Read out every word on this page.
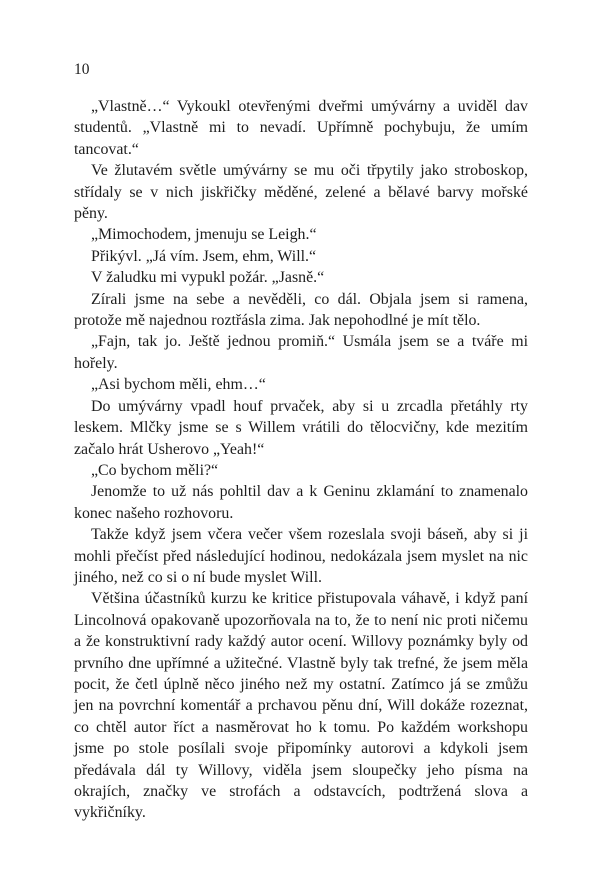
10

„Vlastně…“ Vykoukl otevřenými dveřmi umývárny a uviděl dav studentů. „Vlastně mi to nevadí. Upřímně pochybuju, že umím tancovat.“

Ve žlutavém světle umývárny se mu oči třpytily jako stroboskop, střídaly se v nich jiskřičky měděné, zelené a bělavé barvy mořské pěny.

„Mimochodem, jmenuju se Leigh.“

Přikývl. „Já vím. Jsem, ehm, Will.“

V žaludku mi vypukl požár. „Jasně.“

Zírali jsme na sebe a nevěděli, co dál. Objala jsem si ramena, protože mě najednou roztřásla zima. Jak nepohodlné je mít tělo.

„Fajn, tak jo. Ještě jednou promiň.“ Usmála jsem se a tváře mi hořely.

„Asi bychom měli, ehm…“

Do umývárny vpadl houf prvaček, aby si u zrcadla přetáhly rty leskem. Mlčky jsme se s Willem vrátili do tělocvičny, kde mezitím začalo hrát Usherovo „Yeah!“

„Co bychom měli?“

Jenomže to už nás pohltil dav a k Geninu zklamání to znamenalo konec našeho rozhovoru.

Takže když jsem včera večer všem rozeslala svoji báseň, aby si ji mohli přečíst před následující hodinou, nedokázala jsem myslet na nic jiného, než co si o ní bude myslet Will.

Většina účastníků kurzu ke kritice přistupovala váhavě, i když paní Lincolnová opakovaně upozorňovala na to, že to není nic proti ničemu a že konstruktivní rady každý autor ocení. Willovy poznámky byly od prvního dne upřímné a užitečné. Vlastně byly tak trefné, že jsem měla pocit, že četl úplně něco jiného než my ostatní. Zatímco já se zmůžu jen na povrchní komentář a prchavou pěnu dní, Will dokáže rozeznat, co chtěl autor říct a nasměrovat ho k tomu. Po každém workshopu jsme po stole posílali svoje připomínky autorovi a kdykoli jsem předávala dál ty Willovy, viděla jsem sloupečky jeho písma na okrajích, značky ve strofách a odstavcích, podtržená slova a vykřičníky.
